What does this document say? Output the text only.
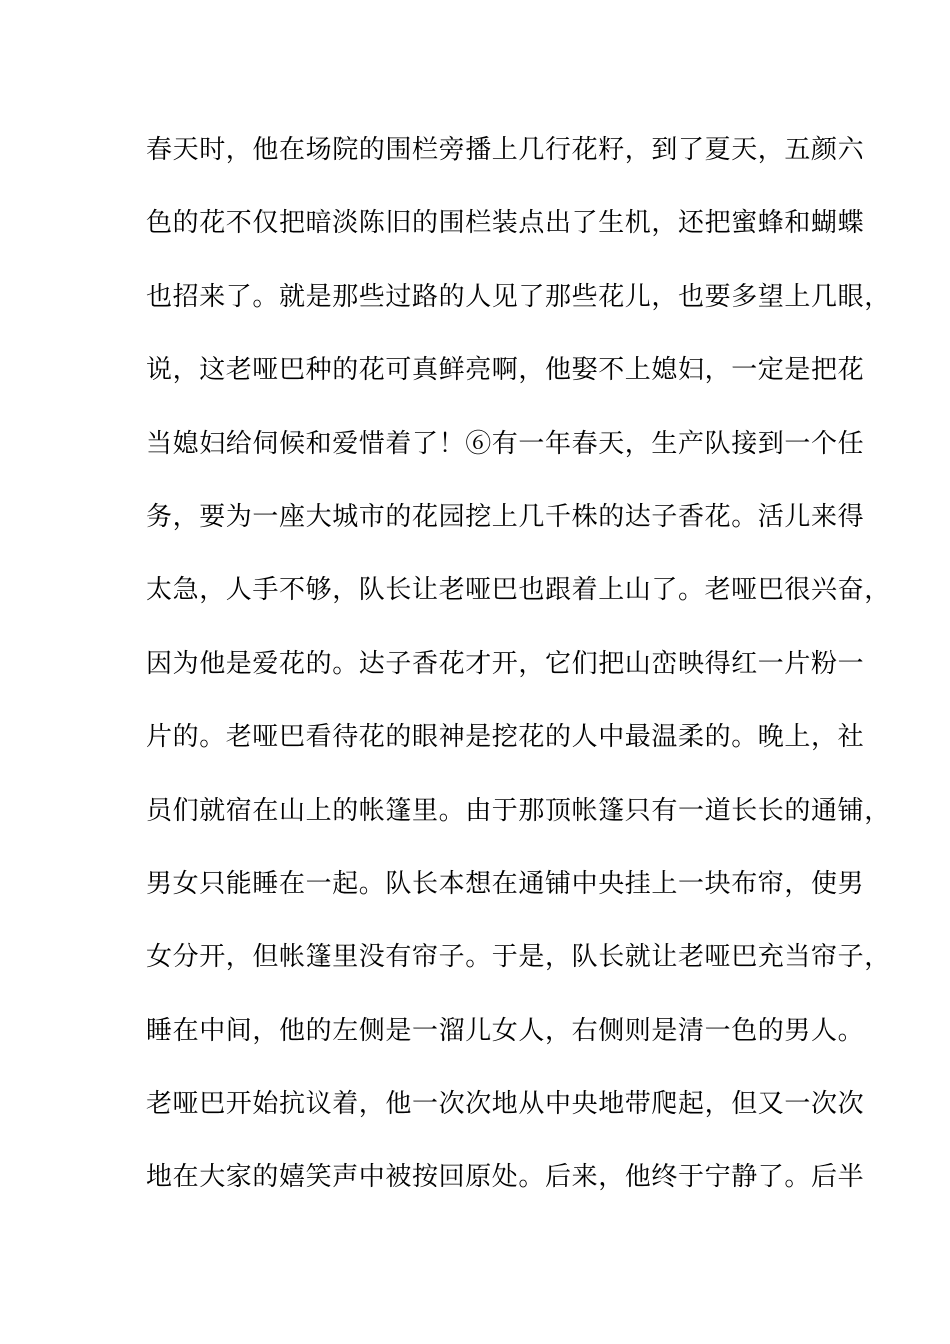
春天时，他在场院的围栏旁播上几行花籽，到了夏天，五颜六
色的花不仅把暗淡陈旧的围栏装点出了生机，还把蜜蜂和蝴蝶
也招来了。就是那些过路的人见了那些花儿，也要多望上几眼，
说，这老哑巴种的花可真鲜亮啊，他娶不上媳妇，一定是把花
当媳妇给伺候和爱惜着了！⑥有一年春天，生产队接到一个任
务，要为一座大城市的花园挖上几千株的达子香花。活儿来得
太急，人手不够，队长让老哑巴也跟着上山了。老哑巴很兴奋，
因为他是爱花的。达子香花才开，它们把山峦映得红一片粉一
片的。老哑巴看待花的眼神是挖花的人中最温柔的。晚上，社
员们就宿在山上的帐篷里。由于那顶帐篷只有一道长长的通铺，
男女只能睡在一起。队长本想在通铺中央挂上一块布帘，使男
女分开，但帐篷里没有帘子。于是，队长就让老哑巴充当帘子，
睡在中间，他的左侧是一溜儿女人，右侧则是清一色的男人。
老哑巴开始抗议着，他一次次地从中央地带爬起，但又一次次
地在大家的嬉笑声中被按回原处。后来，他终于宁静了。后半
